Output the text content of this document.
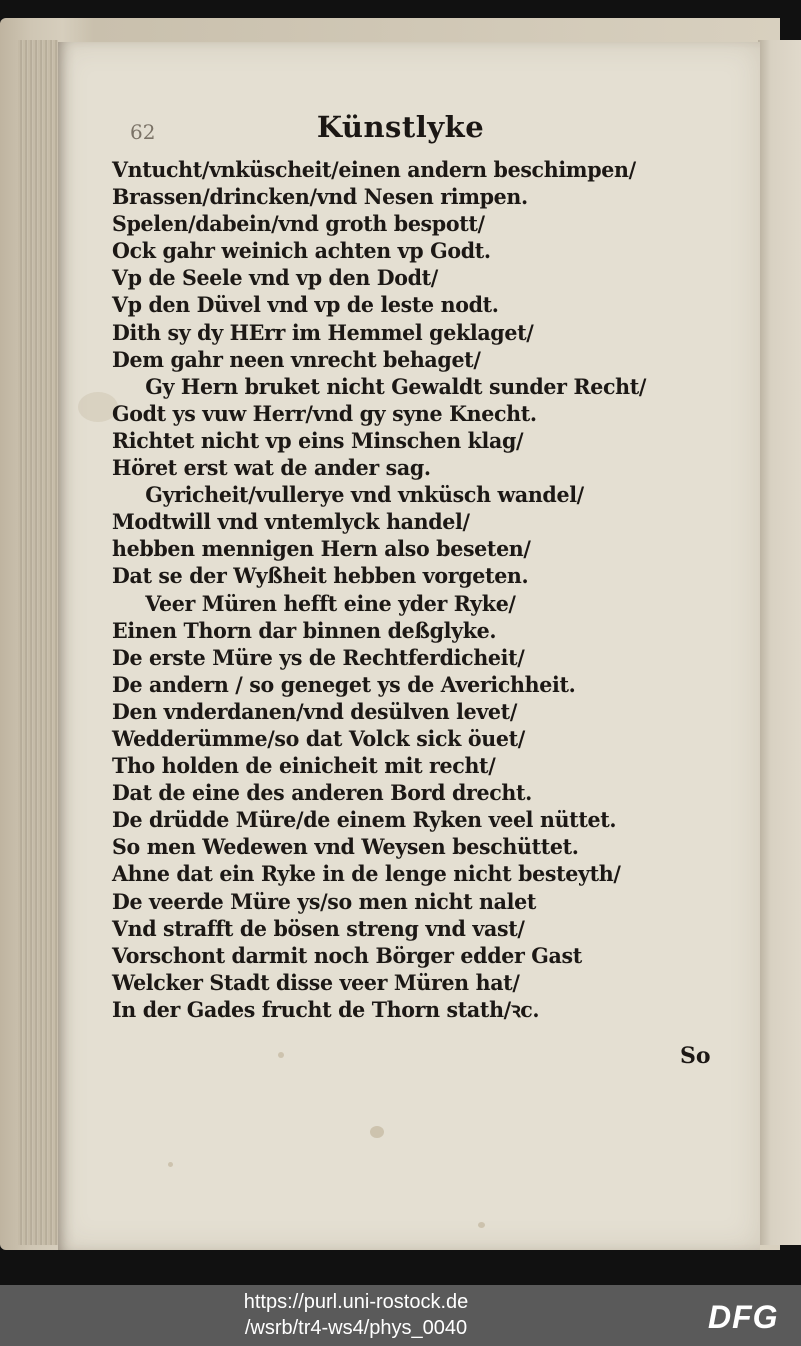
62	Künstlyke
Vntucht/vnküscheit/einen andern beschimpen/
Brassen/drincken/vnd Nesen rimpen.
Spelen/dabein/vnd groth bespott/
Ock gahr weinich achten vp Godt.
Vp de Seele vnd vp den Dodt/
Vp den Düvel vnd vp de leste nodt.
Dith sy dy HErr im Hemmel geklaget/
Dem gahr neen vnrecht behaget/
Gy Hern bruket nicht Gewaldt sunder Recht/
Godt ys vuw Herr/vnd gy syne Knecht.
Richtet nicht vp eins Minschen klag/
Höret erst wat de ander sag.
Gyricheit/vullerye vnd vnküsch wandel/
Modtwill vnd vntemlyck handel/
hebben mennigen Hern also beseten/
Dat se der Wyßheit hebben vorgeten.
Veer Müren hefft eine yder Ryke/
Einen Thorn dar binnen deßglyke.
De erste Müre ys de Rechtferdicheit/
De andern / so geneget ys de Averichheit.
Den vnderdanen/vnd desülven levet/
Wedderümme/so dat Volck sick öuet/
Tho holden de einicheit mit recht/
Dat de eine des anderen Bord drecht.
De drüdde Müre/de einem Ryken veel nüttet.
So men Wedewen vnd Weysen beschüttet.
Ahne dat ein Ryke in de lenge nicht besteyth/
De veerde Müre ys/so men nicht nalet
Vnd strafft de bösen streng vnd vast/
Vorschont darmit noch Börger edder Gast
Welcker Stadt disse veer Müren hat/
In der Gades frucht de Thorn stath/ꝛc.
So
https://purl.uni-rostock.de
/wsrb/tr4-ws4/phys_0040	DFG
